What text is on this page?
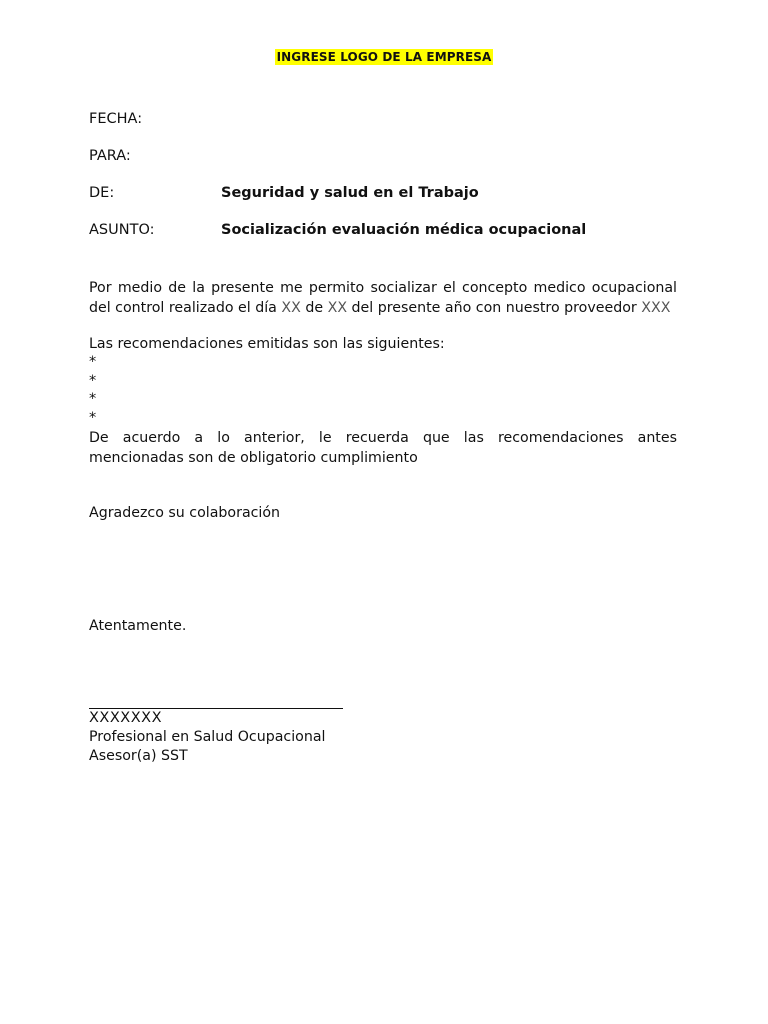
INGRESE LOGO DE LA EMPRESA
FECHA:
PARA:
DE:	Seguridad y salud en el Trabajo
ASUNTO:	Socialización evaluación médica ocupacional
Por medio de la presente me permito socializar el concepto medico ocupacional del control realizado el día XX de XX del presente año con nuestro proveedor XXX
Las recomendaciones emitidas son las siguientes:
*
*
*
*
De acuerdo a lo anterior, le recuerda que las recomendaciones antes mencionadas son de obligatorio cumplimiento
Agradezco su colaboración
Atentamente.
XXXXXXX
Profesional en Salud Ocupacional
Asesor(a) SST
